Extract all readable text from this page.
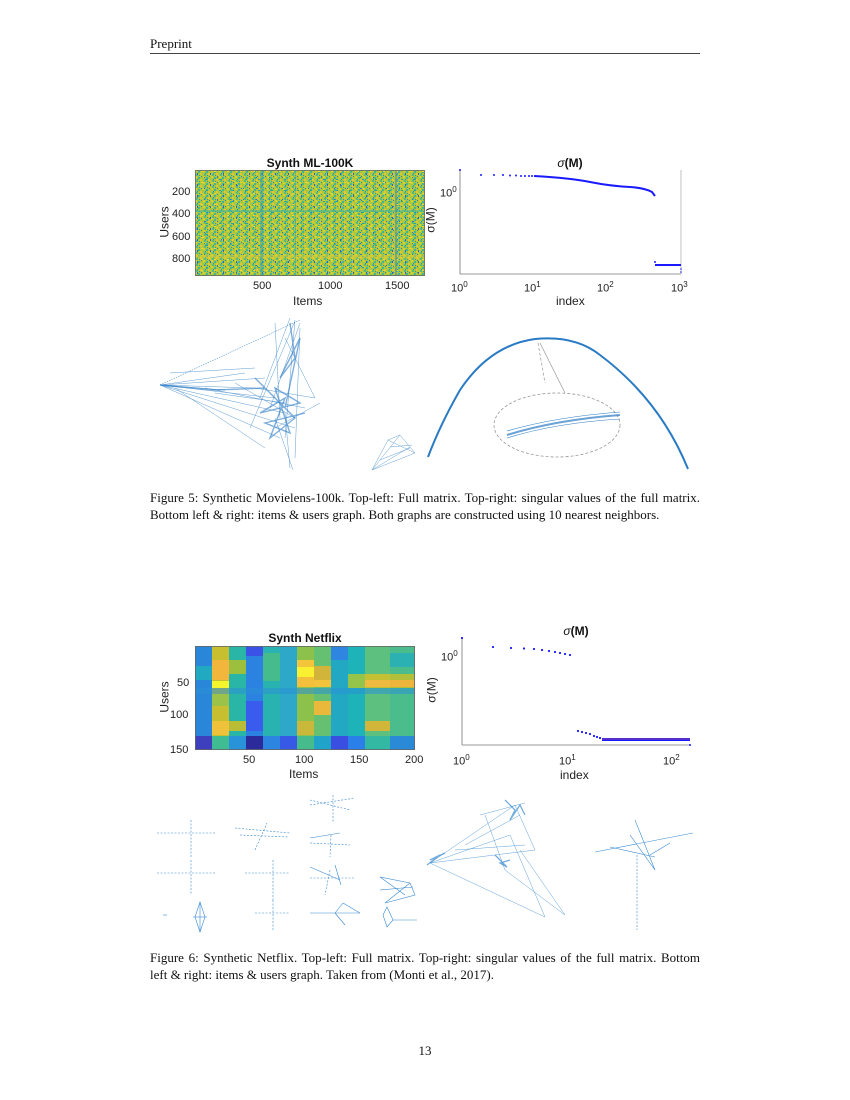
Preprint
Synth ML-100K
200
400
600
800
500	1000	1500
Items
Users
σ(M)
$10^0$
$10^0$	$10^1$	$10^2$	$10^3$
index
σ(M)
Figure 5: Synthetic Movielens-100k. Top-left: Full matrix. Top-right: singular values of the full matrix. Bottom left & right: items & users graph. Both graphs are constructed using 10 nearest neighbors.
Synth Netflix
50
100
150
50	100	150	200
Items
Users
σ(M)
$10^0$
$10^0$	$10^1$	$10^2$
index
σ(M)
Figure 6: Synthetic Netflix. Top-left: Full matrix. Top-right: singular values of the full matrix. Bottom left & right: items & users graph. Taken from (Monti et al., 2017).
13
